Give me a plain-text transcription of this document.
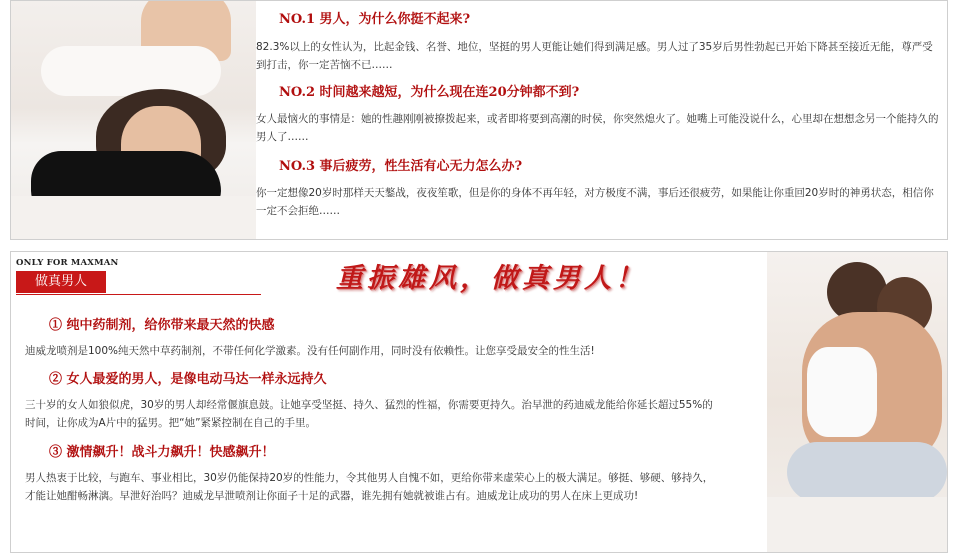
NO.1 男人，为什么你挺不起来?
82.3%以上的女性认为，比起金钱、名誉、地位，坚挺的男人更能让她们得到满足感。男人过了35岁后男性勃起已开始下降甚至接近无能，尊严受到打击，你一定苦恼不已……
NO.2 时间越来越短，为什么现在连20分钟都不到?
女人最恼火的事情是：她的性趣刚刚被撩拨起来，或者即将要到高潮的时侯，你突然熄火了。她嘴上可能没说什么，心里却在想想念另一个能持久的男人了……
NO.3 事后疲劳，性生活有心无力怎么办?
你一定想像20岁时那样天天鏊战，夜夜笙歌，但是你的身体不再年轻，对方极度不满，事后还很疲劳，如果能让你重回20岁时的神勇状态，相信你一定不会拒绝……
ONLY FOR MAXMAN
做真男人	重振雄风，做真男人！
① 纯中药制剂，给你带来最天然的快感
迪威龙喷剂是100%纯天然中草药制剂，不带任何化学激素。没有任何副作用，同时没有依赖性。让您享受最安全的性生活!
② 女人最爱的男人，是像电动马达一样永远持久
三十岁的女人如狼似虎，30岁的男人却经常偃旗息鼓。让她享受坚挺、持久、猛烈的性福，你需要更持久。治早泄的药迪威龙能给你延长超过55%的时间，让你成为A片中的猛男。把“她”紧紧控制在自己的手里。
③ 激情飙升！战斗力飙升！快感飙升！
男人热衷于比较，与跑车、事业相比，30岁仍能保持20岁的性能力，令其他男人自愧不如，更给你带来虚荣心上的极大满足。够挺、够硬、够持久，才能让她酣畅淋漓。早泄好治吗？迪威龙早泄喷剂让你面子十足的武器，谁先拥有她就被谁占有。迪威龙让成功的男人在床上更成功!
